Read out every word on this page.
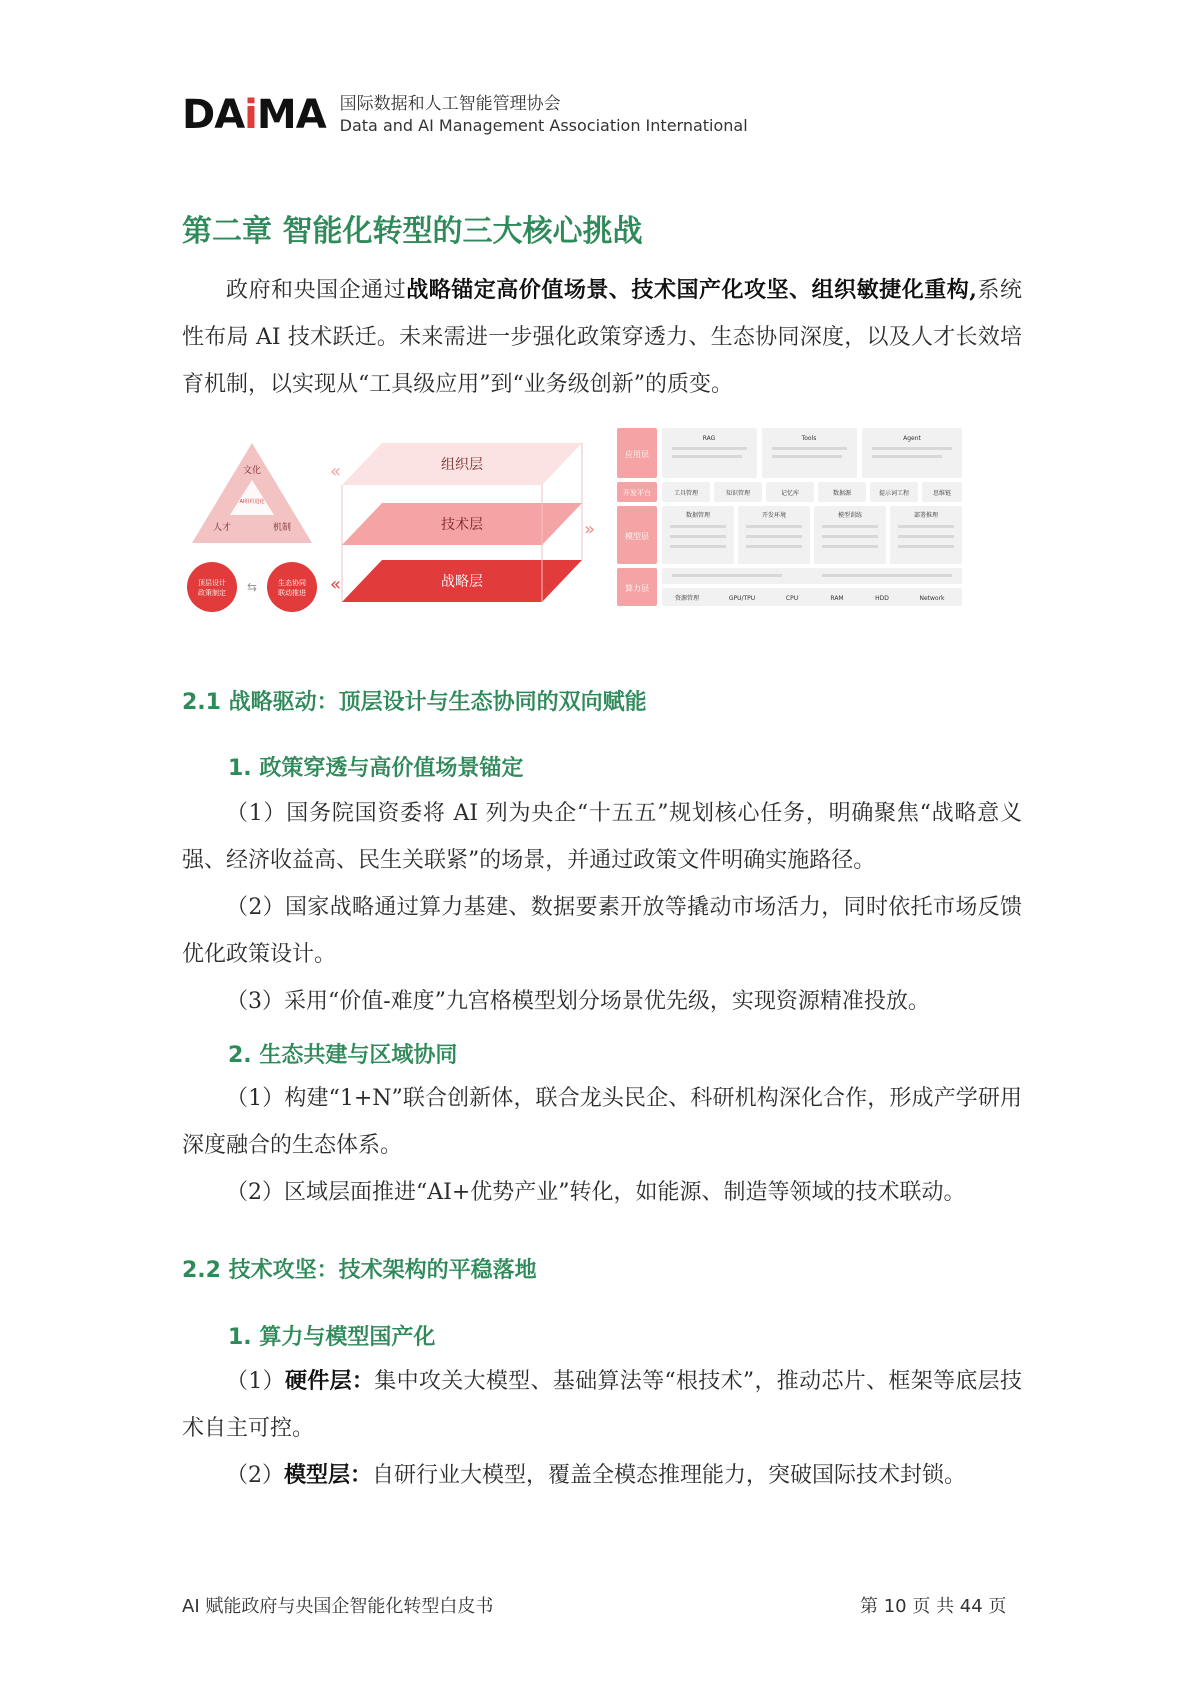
DA i MA 国际数据和人工智能管理协会
Data and AI Management Association International
第二章 智能化转型的三大核心挑战

政府和央国企通过战略锚定高价值场景、技术国产化攻坚、组织敏捷化重构,系统性布局 AI 技术跃迁。未来需进一步强化政策穿透力、生态协同深度，以及人才长效培育机制，以实现从“工具级应用”到“业务级创新”的质变。

文化
AI组织进化
人才	机制
顶层设计
政策制定
生态协同
联动推进
⇆
«
«
»
组织层
技术层
战略层
应用层
RAG	Tools	Agent
开发平台	工具管理	知识管理	记忆库	数据源	提示词工程	思维链
模型层
数据管理	开发环境	模型训练	部署推理
算力层
资源管理	GPU/TPU	CPU	RAM	HDD	Network
2.1 战略驱动：顶层设计与生态协同的双向赋能
1. 政策穿透与高价值场景锚定

（1）国务院国资委将 AI 列为央企“十五五”规划核心任务，明确聚焦“战略意义强、经济收益高、民生关联紧”的场景，并通过政策文件明确实施路径。

（2）国家战略通过算力基建、数据要素开放等撬动市场活力，同时依托市场反馈优化政策设计。

（3）采用“价值-难度”九宫格模型划分场景优先级，实现资源精准投放。

2. 生态共建与区域协同

（1）构建“1+N”联合创新体，联合龙头民企、科研机构深化合作，形成产学研用深度融合的生态体系。

（2）区域层面推进“AI+优势产业”转化，如能源、制造等领域的技术联动。

2.2 技术攻坚：技术架构的平稳落地
1. 算力与模型国产化

（1）硬件层：集中攻关大模型、基础算法等“根技术”，推动芯片、框架等底层技术自主可控。

（2）模型层：自研行业大模型，覆盖全模态推理能力，突破国际技术封锁。

AI 赋能政府与央国企智能化转型白皮书	第 10 页 共 44 页
